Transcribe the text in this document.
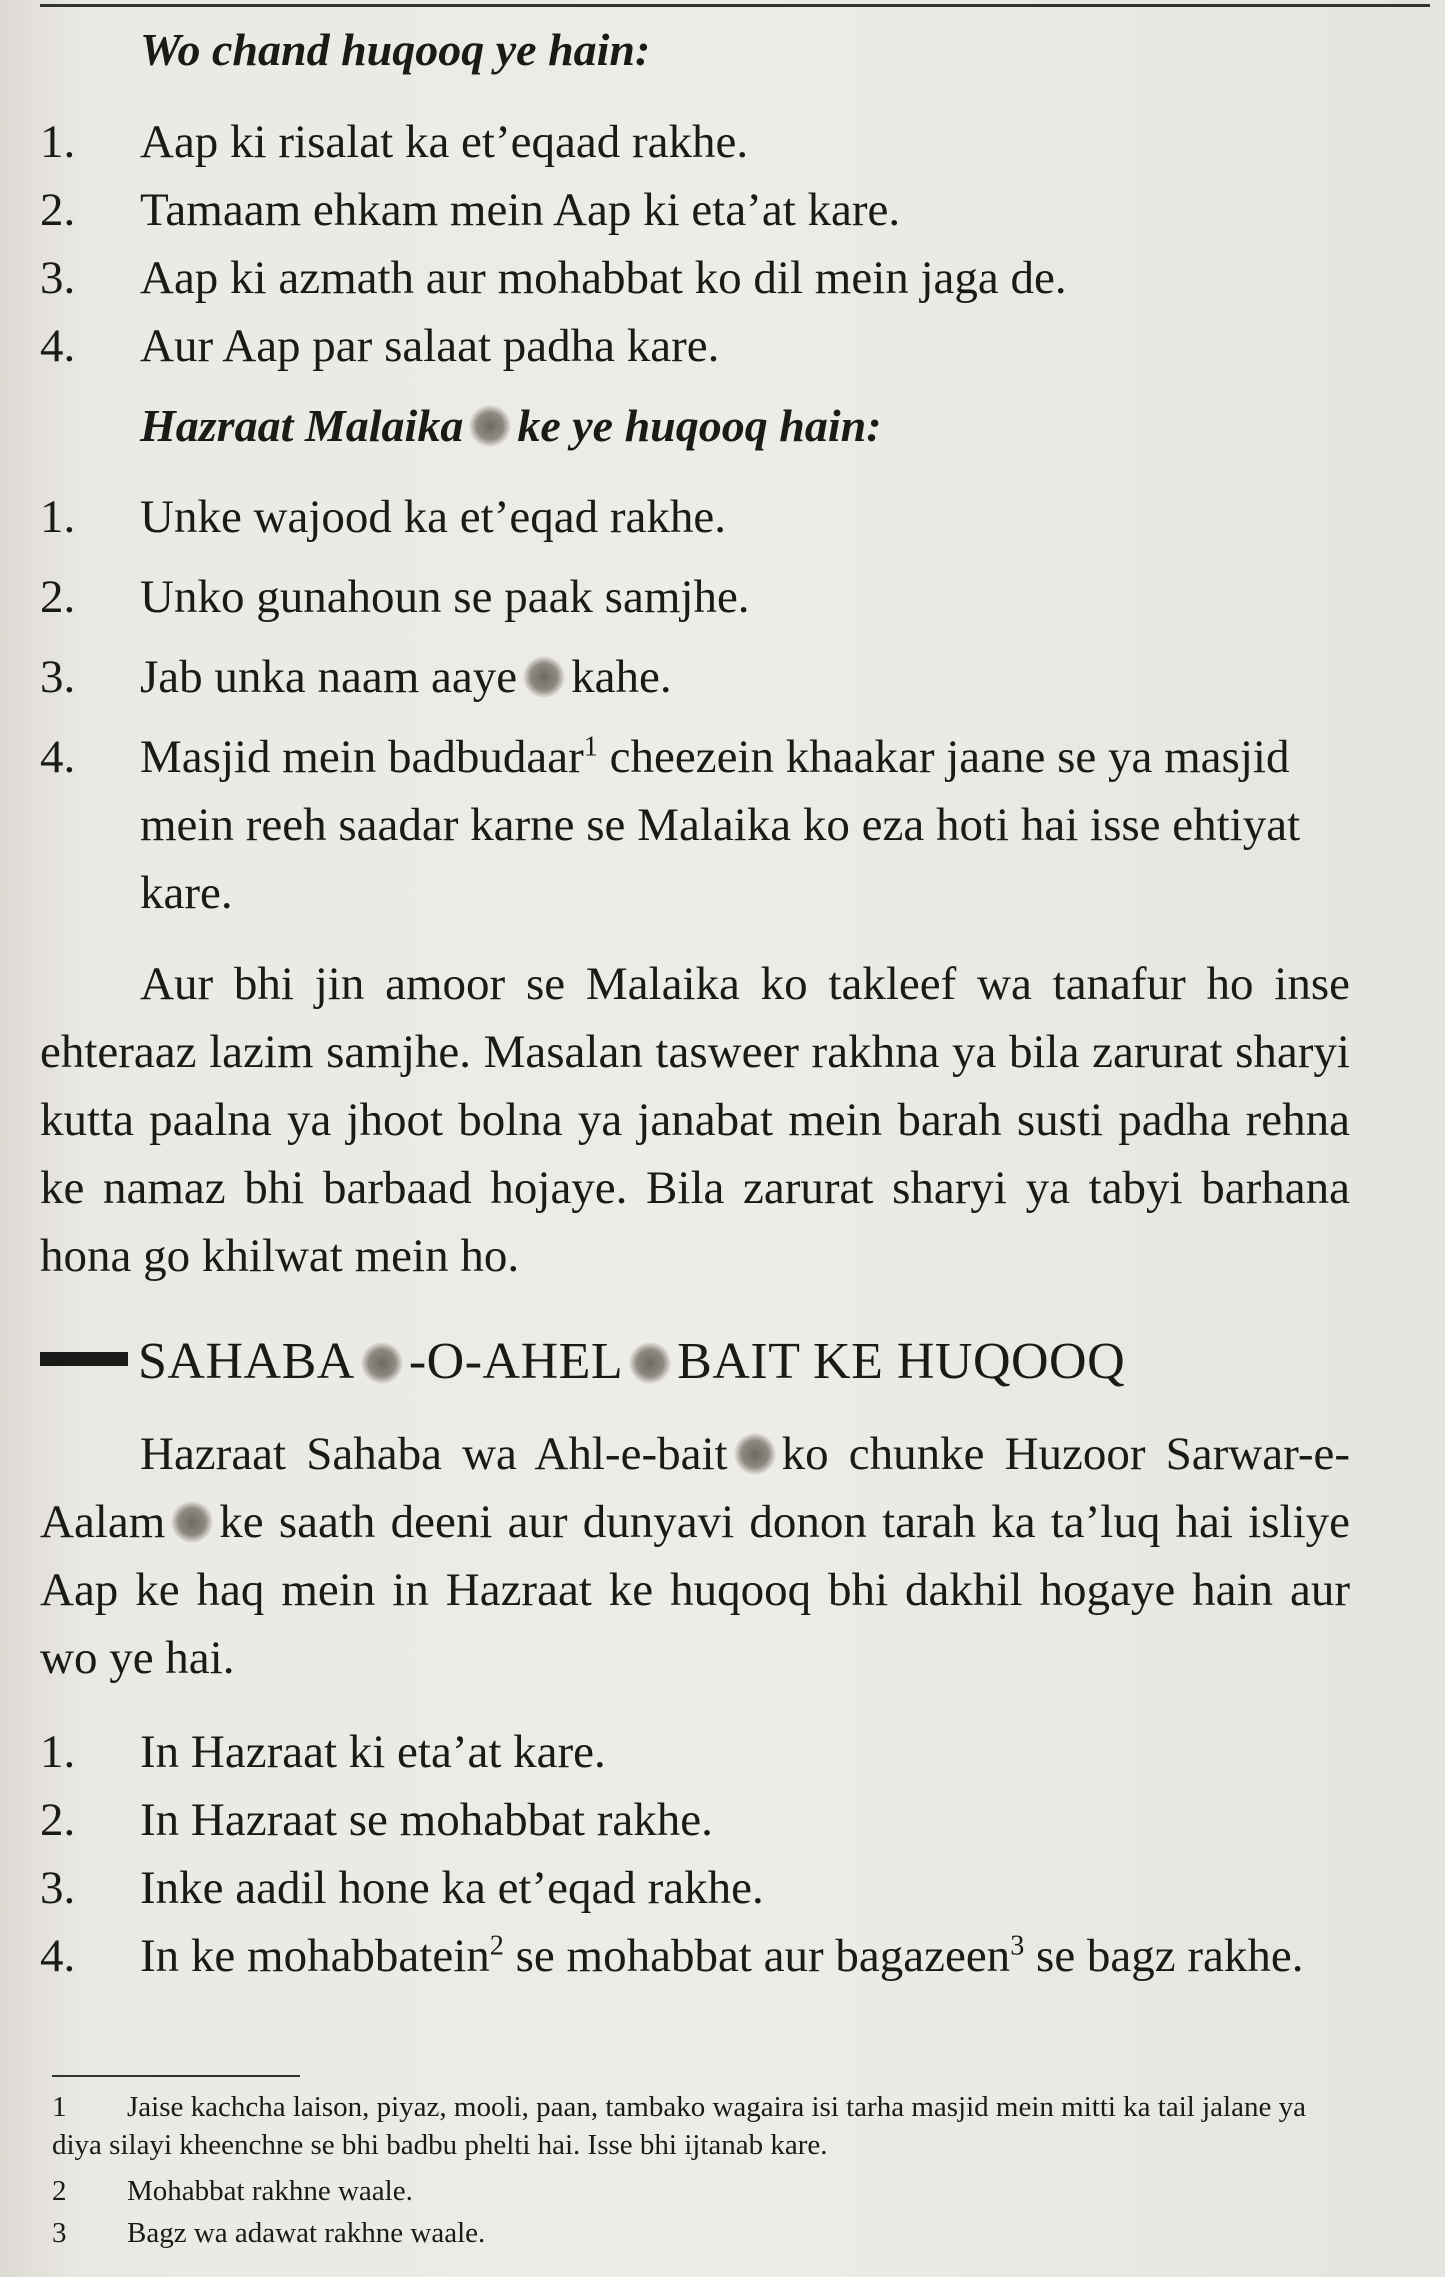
Wo chand huqooq ye hain:
1.	Aap ki risalat ka et’eqaad rakhe.
2.	Tamaam ehkam mein Aap ki eta’at kare.
3.	Aap ki azmath aur mohabbat ko dil mein jaga de.
4.	Aur Aap par salaat padha kare.
Hazraat Malaika ke ye huqooq hain:
1.	Unke wajood ka et’eqad rakhe.
2.	Unko gunahoun se paak samjhe.
3.	Jab unka naam aaye kahe.
4.	Masjid mein badbudaar$^1$ cheezein khaakar jaane se ya masjid mein reeh saadar karne se Malaika ko eza hoti hai isse ehtiyat kare.
Aur bhi jin amoor se Malaika ko takleef wa tanafur ho inse ehteraaz lazim samjhe. Masalan tasweer rakhna ya bila zarurat sharyi kutta paalna ya jhoot bolna ya janabat mein barah susti padha rehna ke namaz bhi barbaad hojaye. Bila zarurat sharyi ya tabyi barhana hona go khilwat mein ho.
SAHABA -O-AHEL BAIT KE HUQOOQ
Hazraat Sahaba wa Ahl-e-bait ko chunke Huzoor Sarwar-e-Aalam ke saath deeni aur dunyavi donon tarah ka ta’luq hai isliye Aap ke haq mein in Hazraat ke huqooq bhi dakhil hogaye hain aur wo ye hai.
1.	In Hazraat ki eta’at kare.
2.	In Hazraat se mohabbat rakhe.
3.	Inke aadil hone ka et’eqad rakhe.
4.	In ke mohabbatein$^2$ se mohabbat aur bagazeen$^3$ se bagz rakhe.
1 Jaise kachcha laison, piyaz, mooli, paan, tambako wagaira isi tarha masjid mein mitti ka tail jalane ya diya silayi kheenchne se bhi badbu phelti hai. Isse bhi ijtanab kare.
2 Mohabbat rakhne waale.
3 Bagz wa adawat rakhne waale.
